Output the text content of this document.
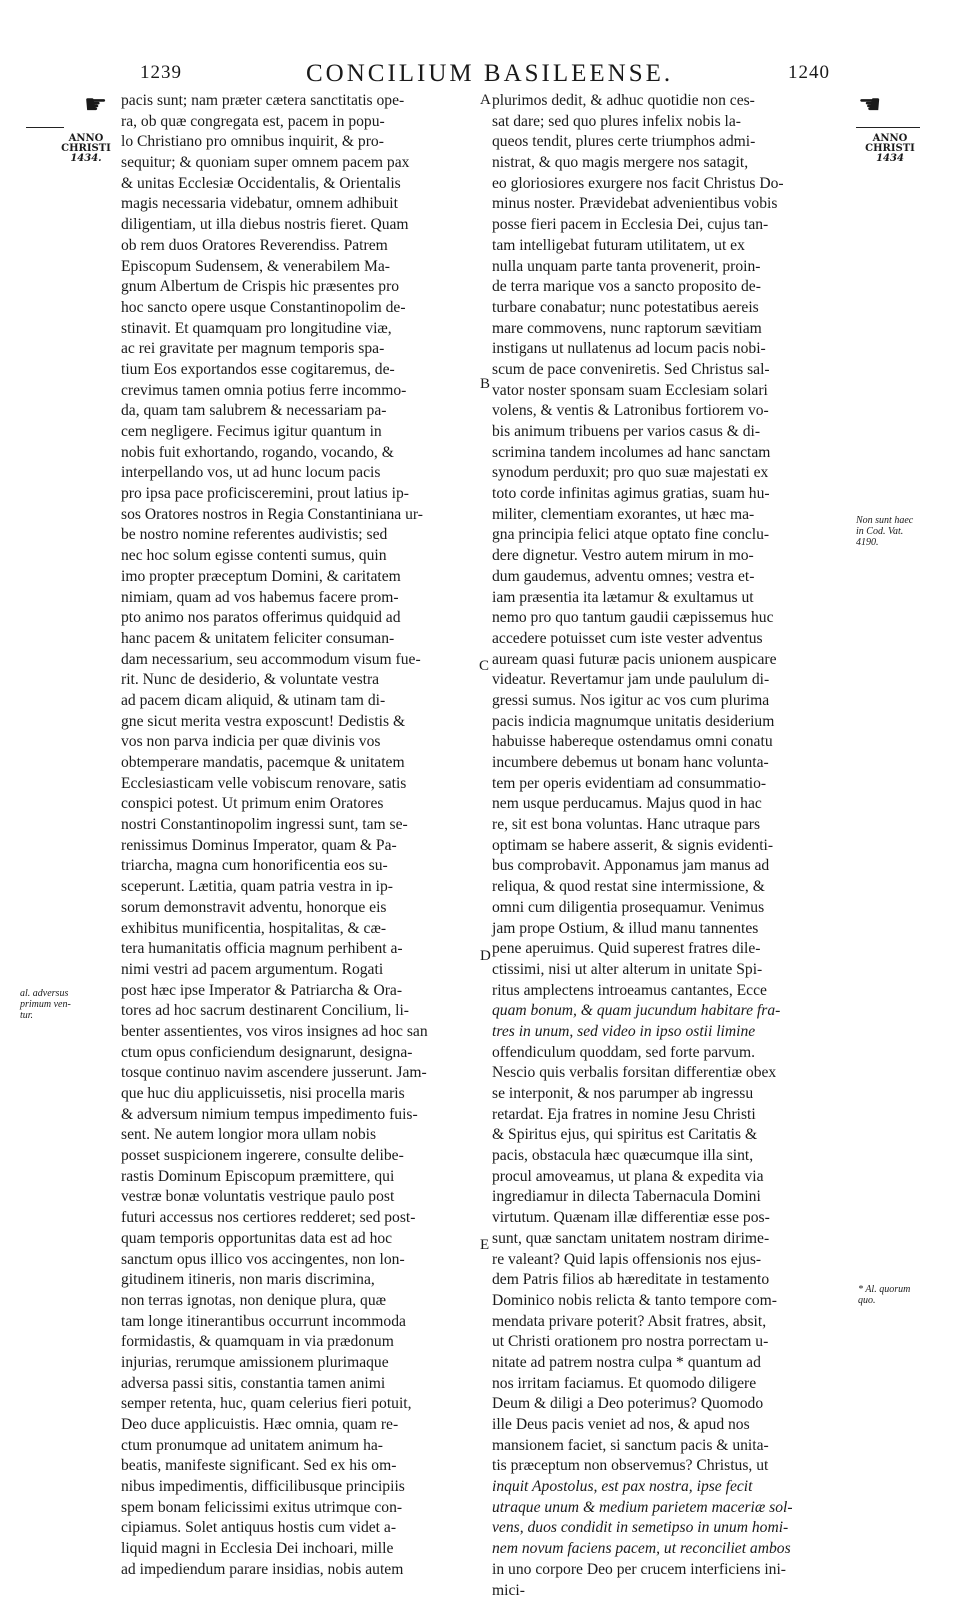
1239	CONCILIUM BASILEENSE.	1240
☛	☛
ANNO
CHRISTI
1434.
ANNO
CHRISTI
1434
al. adversus
primum ven-
tur.
Non sunt haec
in Cod. Vat.
4190.
* Al. quorum
quo.
A
B
C
D
E
pacis sunt; nam præter cætera sanctitatis ope-
ra, ob quæ congregata est, pacem in popu-
lo Christiano pro omnibus inquirit, & pro-
sequitur; & quoniam super omnem pacem pax
& unitas Ecclesiæ Occidentalis, & Orientalis
magis necessaria videbatur, omnem adhibuit
diligentiam, ut illa diebus nostris fieret. Quam
ob rem duos Oratores Reverendiss. Patrem
Episcopum Sudensem, & venerabilem Ma-
gnum Albertum de Crispis hic præsentes pro
hoc sancto opere usque Constantinopolim de-
stinavit. Et quamquam pro longitudine viæ,
ac rei gravitate per magnum temporis spa-
tium Eos exportandos esse cogitaremus, de-
crevimus tamen omnia potius ferre incommo-
da, quam tam salubrem & necessariam pa-
cem negligere. Fecimus igitur quantum in
nobis fuit exhortando, rogando, vocando, &
interpellando vos, ut ad hunc locum pacis
pro ipsa pace proficisceremini, prout latius ip-
sos Oratores nostros in Regia Constantiniana ur-
be nostro nomine referentes audivistis; sed
nec hoc solum egisse contenti sumus, quin
imo propter præceptum Domini, & caritatem
nimiam, quam ad vos habemus facere prom-
pto animo nos paratos offerimus quidquid ad
hanc pacem & unitatem feliciter consuman-
dam necessarium, seu accommodum visum fue-
rit. Nunc de desiderio, & voluntate vestra
ad pacem dicam aliquid, & utinam tam di-
gne sicut merita vestra exposcunt! Dedistis &
vos non parva indicia per quæ divinis vos
obtemperare mandatis, pacemque & unitatem
Ecclesiasticam velle vobiscum renovare, satis
conspici potest. Ut primum enim Oratores
nostri Constantinopolim ingressi sunt, tam se-
renissimus Dominus Imperator, quam & Pa-
triarcha, magna cum honorificentia eos su-
sceperunt. Lætitia, quam patria vestra in ip-
sorum demonstravit adventu, honorque eis
exhibitus munificentia, hospitalitas, & cæ-
tera humanitatis officia magnum perhibent a-
nimi vestri ad pacem argumentum. Rogati
post hæc ipse Imperator & Patriarcha & Ora-
tores ad hoc sacrum destinarent Concilium, li-
benter assentientes, vos viros insignes ad hoc san
ctum opus conficiendum designarunt, designa-
tosque continuo navim ascendere jusserunt. Jam-
que huc diu applicuissetis, nisi procella maris
& adversum nimium tempus impedimento fuis-
sent. Ne autem longior mora ullam nobis
posset suspicionem ingerere, consulte delibe-
rastis Dominum Episcopum præmittere, qui
vestræ bonæ voluntatis vestrique paulo post
futuri accessus nos certiores redderet; sed post-
quam temporis opportunitas data est ad hoc
sanctum opus illico vos accingentes, non lon-
gitudinem itineris, non maris discrimina,
non terras ignotas, non denique plura, quæ
tam longe itinerantibus occurrunt incommoda
formidastis, & quamquam in via prædonum
injurias, rerumque amissionem plurimaque
adversa passi sitis, constantia tamen animi
semper retenta, huc, quam celerius fieri potuit,
Deo duce applicuistis. Hæc omnia, quam re-
ctum pronumque ad unitatem animum ha-
beatis, manifeste significant. Sed ex his om-
nibus impedimentis, difficilibusque principiis
spem bonam felicissimi exitus utrimque con-
cipiamus. Solet antiquus hostis cum videt a-
liquid magni in Ecclesia Dei inchoari, mille
ad impediendum parare insidias, nobis autem
plurimos dedit, & adhuc quotidie non ces-
sat dare; sed quo plures infelix nobis la-
queos tendit, plures certe triumphos admi-
nistrat, & quo magis mergere nos satagit,
eo gloriosiores exurgere nos facit Christus Do-
minus noster. Prævidebat advenientibus vobis
posse fieri pacem in Ecclesia Dei, cujus tan-
tam intelligebat futuram utilitatem, ut ex
nulla unquam parte tanta provenerit, proin-
de terra marique vos a sancto proposito de-
turbare conabatur; nunc potestatibus aereis
mare commovens, nunc raptorum sævitiam
instigans ut nullatenus ad locum pacis nobi-
scum de pace conveniretis. Sed Christus sal-
vator noster sponsam suam Ecclesiam solari
volens, & ventis & Latronibus fortiorem vo-
bis animum tribuens per varios casus & di-
scrimina tandem incolumes ad hanc sanctam
synodum perduxit; pro quo suæ majestati ex
toto corde infinitas agimus gratias, suam hu-
militer, clementiam exorantes, ut hæc ma-
gna principia felici atque optato fine conclu-
dere dignetur. Vestro autem mirum in mo-
dum gaudemus, adventu omnes; vestra et-
iam præsentia ita lætamur & exultamus ut
nemo pro quo tantum gaudii cæpissemus huc
accedere potuisset cum iste vester adventus
auream quasi futuræ pacis unionem auspicare
videatur. Revertamur jam unde paululum di-
gressi sumus. Nos igitur ac vos cum plurima
pacis indicia magnumque unitatis desiderium
habuisse habereque ostendamus omni conatu
incumbere debemus ut bonam hanc volunta-
tem per operis evidentiam ad consummatio-
nem usque perducamus. Majus quod in hac
re, sit est bona voluntas. Hanc utraque pars
optimam se habere asserit, & signis evidenti-
bus comprobavit. Apponamus jam manus ad
reliqua, & quod restat sine intermissione, &
omni cum diligentia prosequamur. Venimus
jam prope Ostium, & illud manu tannentes
pene aperuimus. Quid superest fratres dile-
ctissimi, nisi ut alter alterum in unitate Spi-
ritus amplectens introeamus cantantes, Ecce
quam bonum, & quam jucundum habitare fra-
tres in unum, sed video in ipso ostii limine
offendiculum quoddam, sed forte parvum.
Nescio quis verbalis forsitan differentiæ obex
se interponit, & nos parumper ab ingressu
retardat. Eja fratres in nomine Jesu Christi
& Spiritus ejus, qui spiritus est Caritatis &
pacis, obstacula hæc quæcumque illa sint,
procul amoveamus, ut plana & expedita via
ingrediamur in dilecta Tabernacula Domini
virtutum. Quænam illæ differentiæ esse pos-
sunt, quæ sanctam unitatem nostram dirime-
re valeant? Quid lapis offensionis nos ejus-
dem Patris filios ab hæreditate in testamento
Dominico nobis relicta & tanto tempore com-
mendata privare poterit? Absit fratres, absit,
ut Christi orationem pro nostra porrectam u-
nitate ad patrem nostra culpa * quantum ad
nos irritam faciamus. Et quomodo diligere
Deum & diligi a Deo poterimus? Quomodo
ille Deus pacis veniet ad nos, & apud nos
mansionem faciet, si sanctum pacis & unita-
tis præceptum non observemus? Christus, ut
inquit Apostolus, est pax nostra, ipse fecit
utraque unum & medium parietem maceriæ sol-
vens, duos condidit in semetipso in unum homi-
nem novum faciens pacem, ut reconciliet ambos
in uno corpore Deo per crucem interficiens ini-
mici-
